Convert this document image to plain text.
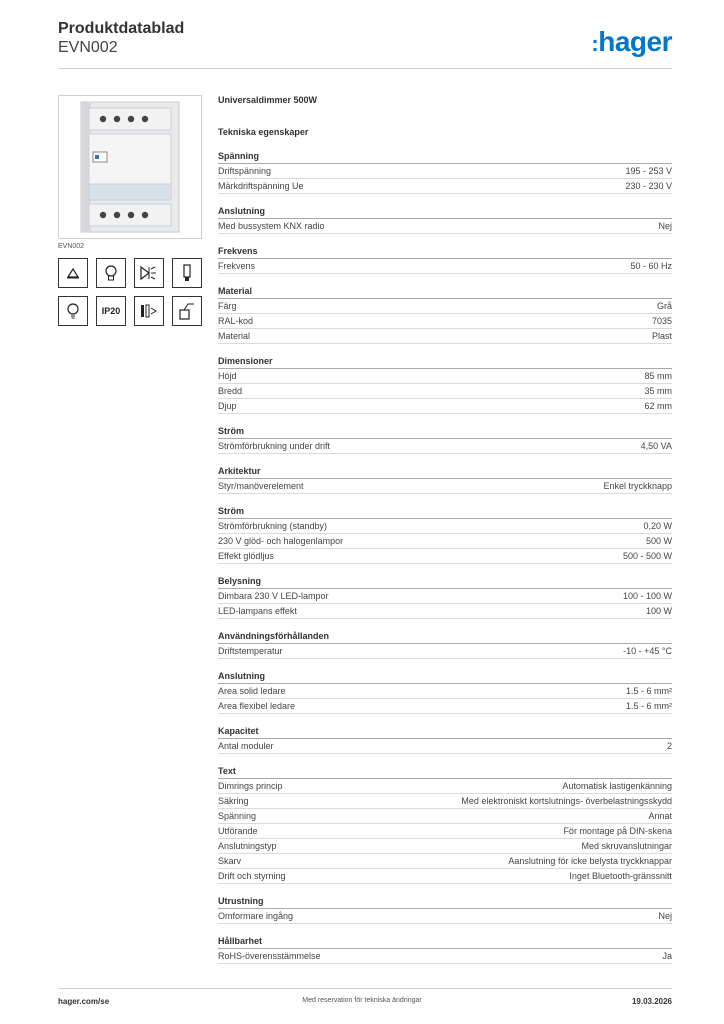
Produktdatablad
EVN002	:hager
EVN002
IP20
Universaldimmer 500W
Tekniska egenskaper
Spänning
Driftspänning	195 - 253 V
Märkdriftspänning Ue	230 - 230 V
Anslutning
Med bussystem KNX radio	Nej
Frekvens
Frekvens	50 - 60 Hz
Material
Färg	Grå
RAL-kod	7035
Material	Plast
Dimensioner
Höjd	85 mm
Bredd	35 mm
Djup	62 mm
Ström
Strömförbrukning under drift	4,50 VA
Arkitektur
Styr/manöverelement	Enkel tryckknapp
Ström
Strömförbrukning (standby)	0,20 W
230 V glöd- och halogenlampor	500 W
Effekt glödljus	500 - 500 W
Belysning
Dimbara 230 V LED-lampor	100 - 100 W
LED-lampans effekt	100 W
Användningsförhållanden
Driftstemperatur	-10 - +45 °C
Anslutning
Area solid ledare	1.5 - 6 mm²
Area flexibel ledare	1.5 - 6 mm²
Kapacitet
Antal moduler	2
Text
Dimrings princip	Automatisk lastigenkänning
Säkring	Med elektroniskt kortslutnings- överbelastningsskydd
Spänning	Annat
Utförande	För montage på DIN-skena
Anslutningstyp	Med skruvanslutningar
Skarv	Aanslutning för icke belysta tryckknappar
Drift och styrning	Inget Bluetooth-gränssnitt
Utrustning
Omformare ingång	Nej
Hållbarhet
RoHS-överensstämmelse	Ja
hager.com/se	Med reservation för tekniska ändringar	19.03.2026
